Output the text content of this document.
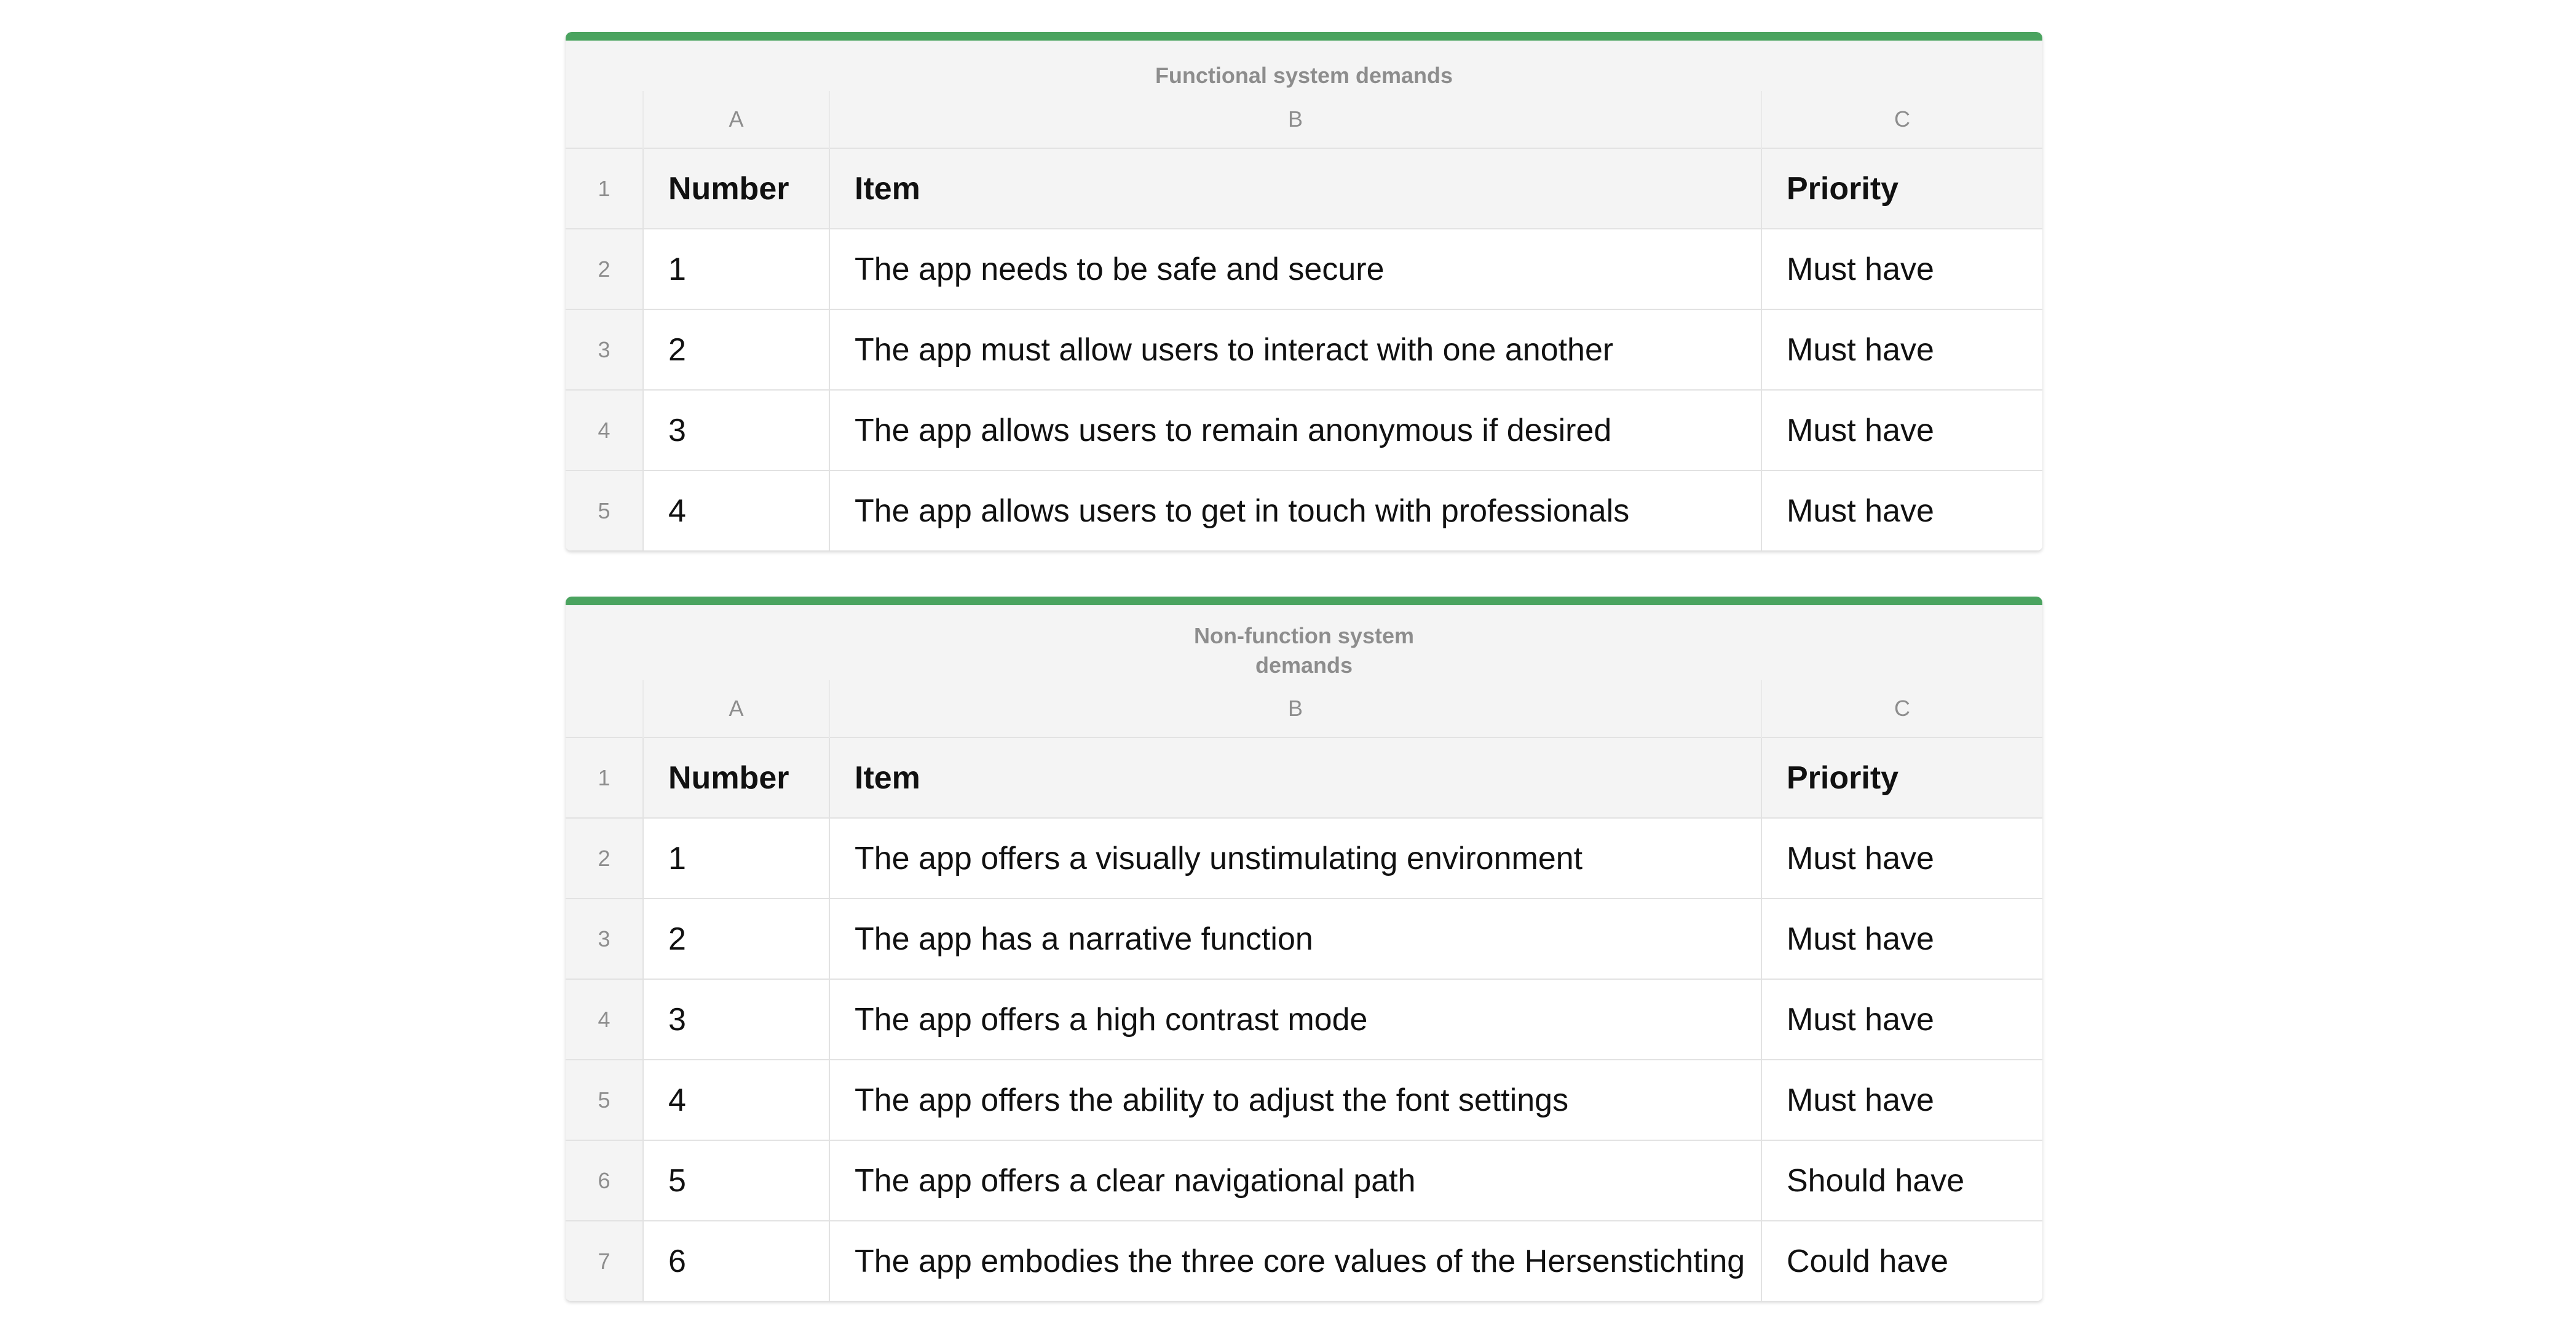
Functional system demands
	A	B	C
1	Number	Item	Priority
2	1	The app needs to be safe and secure	Must have
3	2	The app must allow users to interact with one another	Must have
4	3	The app allows users to remain anonymous if desired	Must have
5	4	The app allows users to get in touch with professionals	Must have
Non-function system demands
	A	B	C
1	Number	Item	Priority
2	1	The app offers a visually unstimulating environment	Must have
3	2	The app has a narrative function	Must have
4	3	The app offers a high contrast mode	Must have
5	4	The app offers the ability to adjust the font settings	Must have
6	5	The app offers a clear navigational path	Should have
7	6	The app embodies the three core values of the Hersenstichting	Could have
